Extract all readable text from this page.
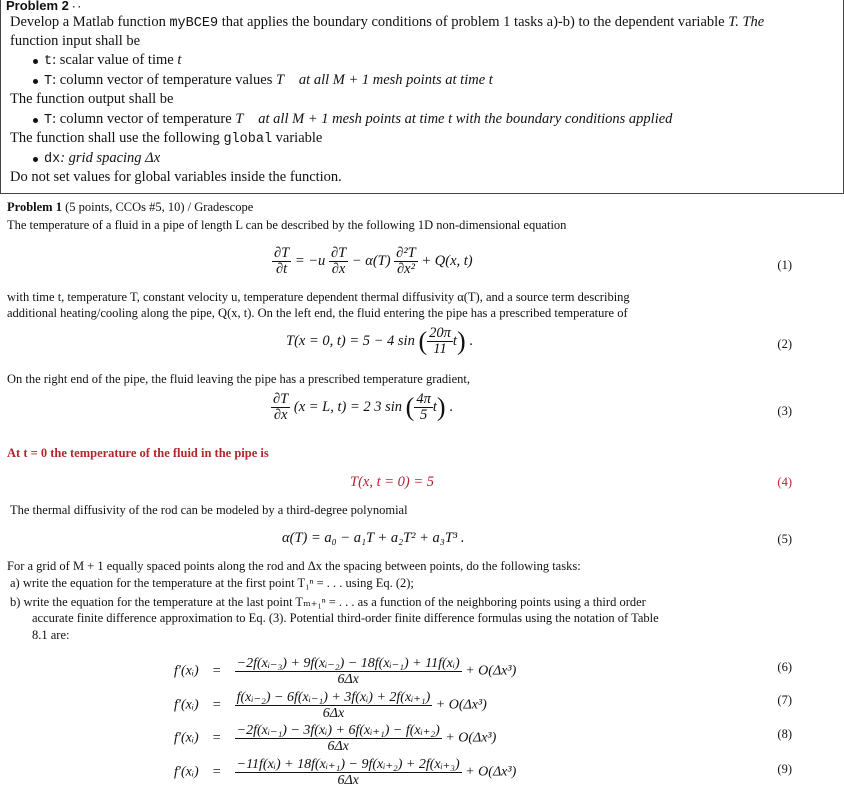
Problem 2 · ·
Develop a Matlab function myBCE9 that applies the boundary conditions of problem 1 tasks a)-b) to the dependent variable T. The
function input shall be
t: scalar value of time t
T: column vector of temperature values T⃗ at all M + 1 mesh points at time t
The function output shall be
T: column vector of temperature T⃗ at all M + 1 mesh points at time t with the boundary conditions applied
The function shall use the following global variable
dx: grid spacing Δx
Do not set values for global variables inside the function.
Problem 1 (5 points, CCOs #5, 10) / Gradescope
The temperature of a fluid in a pipe of length L can be described by the following 1D non-dimensional equation
$\frac{\partial T}{\partial t} = -u \frac{\partial T}{\partial x} - \alpha(T) \frac{\text{∂²T}}{\text{∂x²}} + Q(x$, t)	(1)
with time t, temperature T, constant velocity u, temperature dependent thermal diffusivity α(T), and a source term describing
additional heating/cooling along the pipe, Q(x, t). On the left end, the fluid entering the pipe has a prescribed temperature of
T(x = 0, t) = 5 − 4 sin ( $\frac{20\pi}{11} t$) .	(2)
On the right end of the pipe, the fluid leaving the pipe has a prescribed temperature gradient,
$\frac{\partial T}{\partial x} (x = L$, t) = 2 3 sin ( $\frac{4\pi}{5} t$) .	(3)
At t = 0 the temperature of the fluid in the pipe is
T(x, t = 0) = 5	(4)
The thermal diffusivity of the rod can be modeled by a third-degree polynomial
α(T) = a₀ − a₁T + a₂T² + a₃T³ .	(5)
For a grid of M + 1 equally spaced points along the rod and Δx the spacing between points, do the following tasks:
a) write the equation for the temperature at the first point T₁ⁿ = . . . using Eq. (2);
b) write the equation for the temperature at the last point Tₘ₊₁ⁿ = . . . as a function of the neighboring points using a third order
accurate finite difference approximation to Eq. (3). Potential third-order finite difference formulas using the notation of Table
8.1 are:
f′(xᵢ) = $\frac{\text{−2f(xᵢ₋₃) + 9f(xᵢ₋₂) − 18f(xᵢ₋₁) + 11f(xᵢ)}}{6\Delta x} + O(\Delta x^3)$	(6)
f′(xᵢ) = $\frac{\text{f(xᵢ₋₂) − 6f(xᵢ₋₁) + 3f(xᵢ) + 2f(xᵢ₊₁)}}{6\Delta x} + O(\Delta x^3)$	(7)
f′(xᵢ) = $\frac{\text{−2f(xᵢ₋₁) − 3f(xᵢ) + 6f(xᵢ₊₁) − f(xᵢ₊₂)}}{6\Delta x} + O(\Delta x^3)$	(8)
f′(xᵢ) = $\frac{\text{−11f(xᵢ) + 18f(xᵢ₊₁) − 9f(xᵢ₊₂) + 2f(xᵢ₊₃)}}{6\Delta x} + O(\Delta x^3)$	(9)
